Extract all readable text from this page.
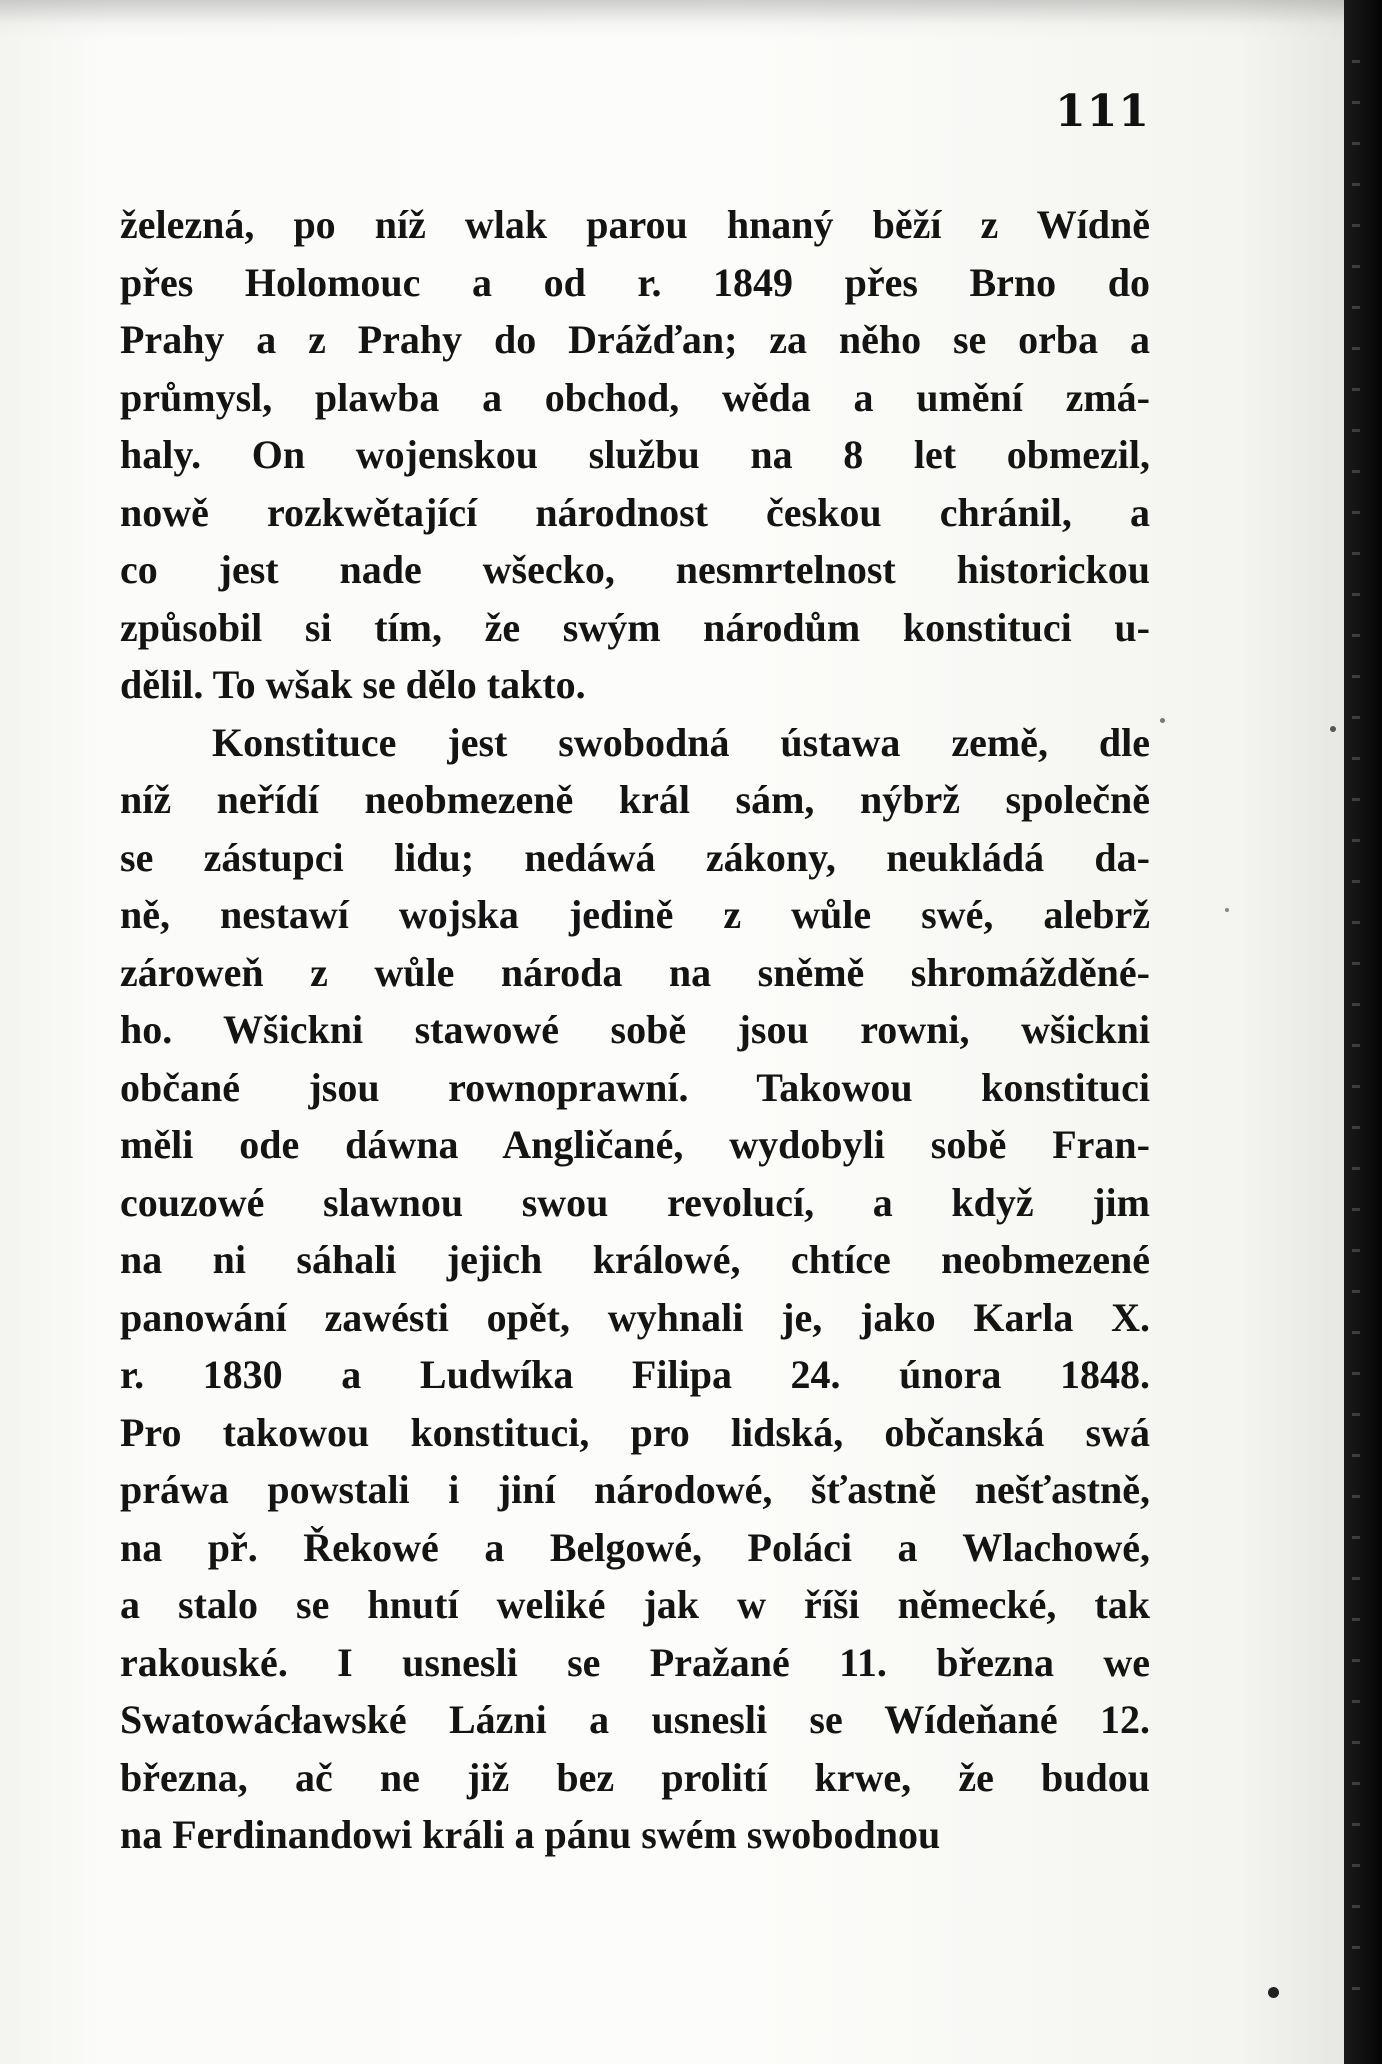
111
železná, po níž wlak parou hnaný běží z Wídně
přes Holomouc a od r. 1849 přes Brno do
Prahy a z Prahy do Drážďan; za něho se orba a
průmysl, plawba a obchod, wěda a umění zmá-
haly. On wojenskou službu na 8 let obmezil,
nowě rozkwětající národnost českou chránil, a
co jest nade wšecko, nesmrtelnost historickou
způsobil si tím, že swým národům konstituci u-
dělil. To wšak se dělo takto.
Konstituce jest swobodná ústawa země, dle
níž neřídí neobmezeně král sám, nýbrž společně
se zástupci lidu; nedáwá zákony, neukládá da-
ně, nestawí wojska jedině z wůle swé, alebrž
zároweň z wůle národa na sněmě shromážděné-
ho. Wšickni stawowé sobě jsou rowni, wšickni
občané jsou rownoprawní. Takowou konstituci
měli ode dáwna Angličané, wydobyli sobě Fran-
couzowé slawnou swou revolucí, a když jim
na ni sáhali jejich králowé, chtíce neobmezené
panowání zawésti opět, wyhnali je, jako Karla X.
r. 1830 a Ludwíka Filipa 24. února 1848.
Pro takowou konstituci, pro lidská, občanská swá
práwa powstali i jiní národowé, šťastně nešťastně,
na př. Řekowé a Belgowé, Poláci a Wlachowé,
a stalo se hnutí weliké jak w říši německé, tak
rakouské. I usnesli se Pražané 11. března we
Swatowácławské Lázni a usnesli se Wídeňané 12.
března, ač ne již bez prolití krwe, že budou
na Ferdinandowi králi a pánu swém swobodnou
